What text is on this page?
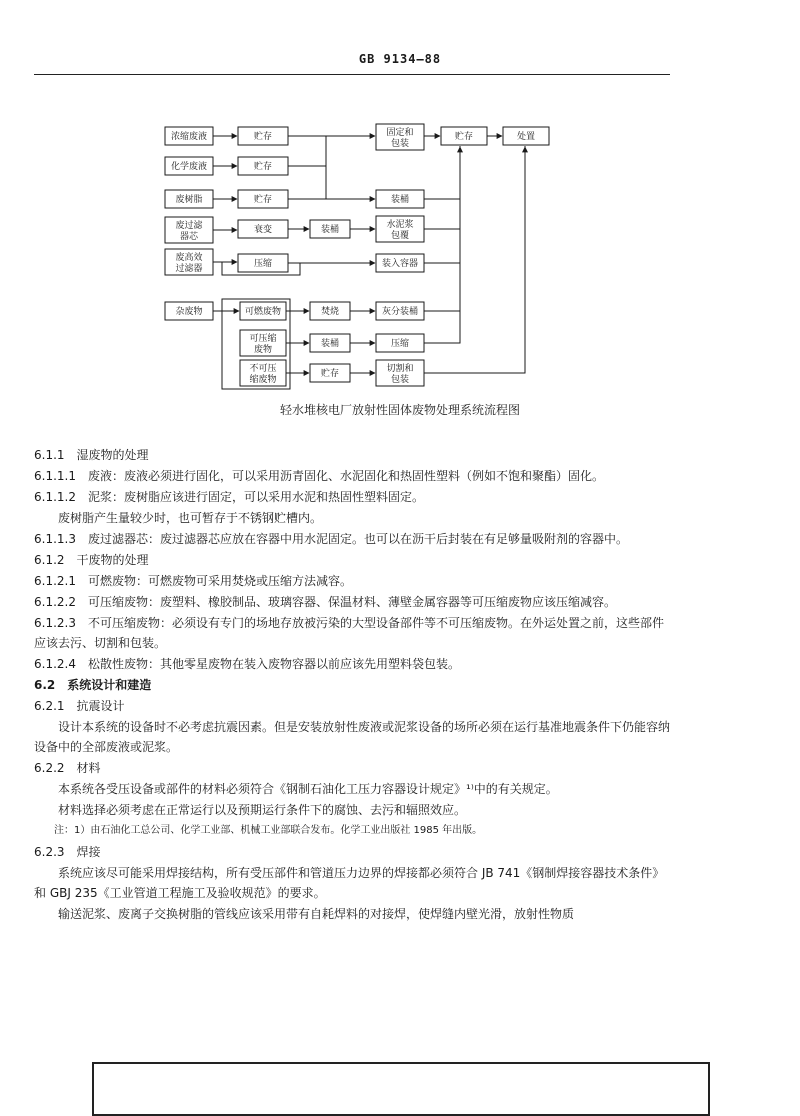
GB 9134—88
浓缩废液
化学废液
废树脂
废过滤
器芯
废高效
过滤器
杂废物
贮存
贮存
贮存
衰变
压缩
固定和
包装
贮存	处置
装桶
装桶	水泥浆
包覆
装入容器
可燃废物
可压缩
废物
不可压
缩废物
焚烧
装桶
贮存
灰分装桶
压缩
切割和
包装
轻水堆核电厂放射性固体废物处理系统流程图

6.1.1 湿废物的处理

6.1.1.1 废液：废液必须进行固化，可以采用沥青固化、水泥固化和热固性塑料（例如不饱和聚酯）固化。

6.1.1.2 泥浆：废树脂应该进行固定，可以采用水泥和热固性塑料固定。

废树脂产生量较少时，也可暂存于不锈钢贮槽内。

6.1.1.3 废过滤器芯：废过滤器芯应放在容器中用水泥固定。也可以在沥干后封装在有足够量吸附剂的容器中。

6.1.2 干废物的处理

6.1.2.1 可燃废物：可燃废物可采用焚烧或压缩方法减容。

6.1.2.2 可压缩废物：废塑料、橡胶制品、玻璃容器、保温材料、薄壁金属容器等可压缩废物应该压缩减容。

6.1.2.3 不可压缩废物：必须设有专门的场地存放被污染的大型设备部件等不可压缩废物。在外运处置之前，这些部件应该去污、切割和包装。

6.1.2.4 松散性废物：其他零星废物在装入废物容器以前应该先用塑料袋包装。

6.2 系统设计和建造

6.2.1 抗震设计

设计本系统的设备时不必考虑抗震因素。但是安装放射性废液或泥浆设备的场所必须在运行基准地震条件下仍能容纳设备中的全部废液或泥浆。

6.2.2 材料

本系统各受压设备或部件的材料必须符合《钢制石油化工压力容器设计规定》¹⁾中的有关规定。

材料选择必须考虑在正常运行以及预期运行条件下的腐蚀、去污和辐照效应。

注：1）由石油化工总公司、化学工业部、机械工业部联合发布。化学工业出版社 1985 年出版。

6.2.3 焊接

系统应该尽可能采用焊接结构，所有受压部件和管道压力边界的焊接都必须符合 JB 741《钢制焊接容器技术条件》和 GBJ 235《工业管道工程施工及验收规范》的要求。

输送泥浆、废离子交换树脂的管线应该采用带有自耗焊料的对接焊，使焊缝内壁光滑，放射性物质
